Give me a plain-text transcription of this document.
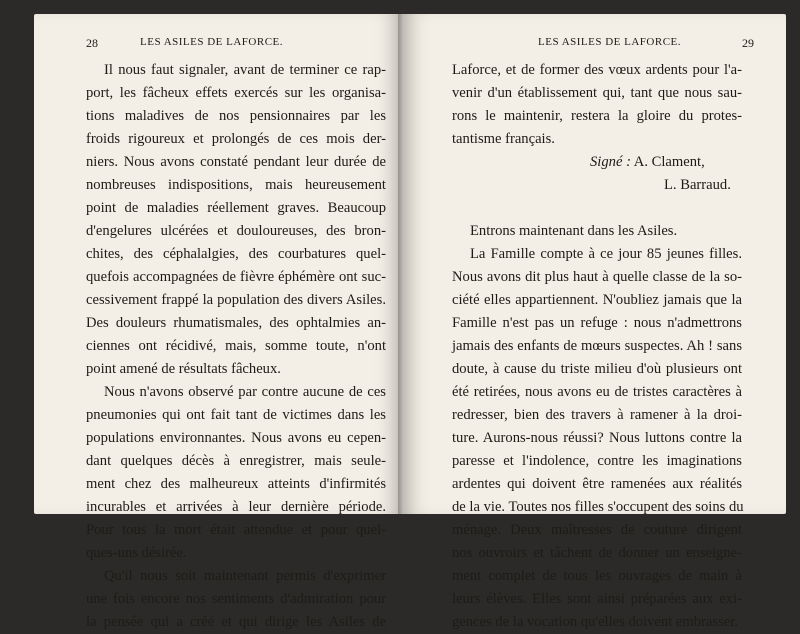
28	LES ASILES DE LAFORCE.
Il nous faut signaler, avant de terminer ce rap-
port, les fâcheux effets exercés sur les organisa-
tions maladives de nos pensionnaires par les
froids rigoureux et prolongés de ces mois der-
niers. Nous avons constaté pendant leur durée de
nombreuses indispositions, mais heureusement
point de maladies réellement graves. Beaucoup
d'engelures ulcérées et douloureuses, des bron-
chites, des céphalalgies, des courbatures quel-
quefois accompagnées de fièvre éphémère ont suc-
cessivement frappé la population des divers Asiles.
Des douleurs rhumatismales, des ophtalmies an-
ciennes ont récidivé, mais, somme toute, n'ont
point amené de résultats fâcheux.
Nous n'avons observé par contre aucune de ces
pneumonies qui ont fait tant de victimes dans les
populations environnantes. Nous avons eu cepen-
dant quelques décès à enregistrer, mais seule-
ment chez des malheureux atteints d'infirmités
incurables et arrivées à leur dernière période.
Pour tous la mort était attendue et pour quel-
ques-uns désirée.
Qu'il nous soit maintenant permis d'exprimer
une fois encore nos sentiments d'admiration pour
la pensée qui a créé et qui dirige les Asiles de
LES ASILES DE LAFORCE.	29
Laforce, et de former des vœux ardents pour l'a-
venir d'un établissement qui, tant que nous sau-
rons le maintenir, restera la gloire du protes-
tantisme français.
Signé : A. Clament,
L. Barraud.
Entrons maintenant dans les Asiles.
La Famille compte à ce jour 85 jeunes filles.
Nous avons dit plus haut à quelle classe de la so-
ciété elles appartiennent. N'oubliez jamais que la
Famille n'est pas un refuge : nous n'admettrons
jamais des enfants de mœurs suspectes. Ah ! sans
doute, à cause du triste milieu d'où plusieurs ont
été retirées, nous avons eu de tristes caractères à
redresser, bien des travers à ramener à la droi-
ture. Aurons-nous réussi? Nous luttons contre la
paresse et l'indolence, contre les imaginations
ardentes qui doivent être ramenées aux réalités
de la vie. Toutes nos filles s'occupent des soins du
ménage. Deux maîtresses de couture dirigent
nos ouvroirs et tâchent de donner un enseigne-
ment complet de tous les ouvrages de main à
leurs élèves. Elles sont ainsi préparées aux exi-
gences de la vocation qu'elles doivent embrasser.
